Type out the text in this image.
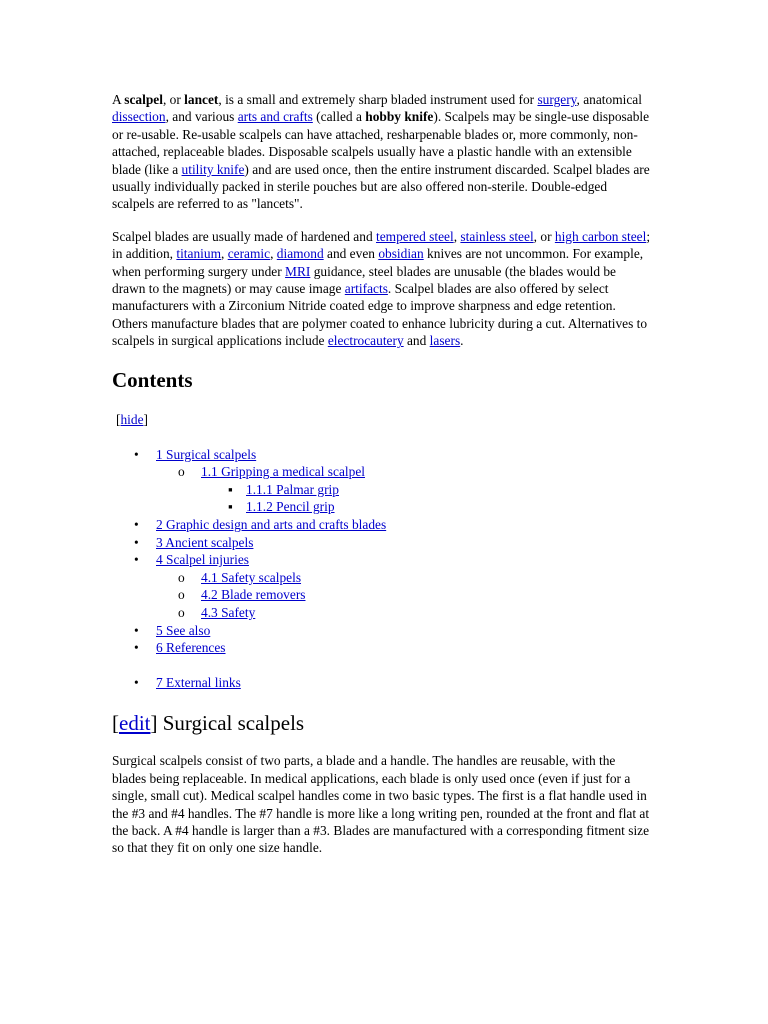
A scalpel, or lancet, is a small and extremely sharp bladed instrument used for surgery, anatomical dissection, and various arts and crafts (called a hobby knife). Scalpels may be single-use disposable or re-usable. Re-usable scalpels can have attached, resharpenable blades or, more commonly, non-attached, replaceable blades. Disposable scalpels usually have a plastic handle with an extensible blade (like a utility knife) and are used once, then the entire instrument discarded. Scalpel blades are usually individually packed in sterile pouches but are also offered non-sterile. Double-edged scalpels are referred to as "lancets".

Scalpel blades are usually made of hardened and tempered steel, stainless steel, or high carbon steel; in addition, titanium, ceramic, diamond and even obsidian knives are not uncommon. For example, when performing surgery under MRI guidance, steel blades are unusable (the blades would be drawn to the magnets) or may cause image artifacts. Scalpel blades are also offered by select manufacturers with a Zirconium Nitride coated edge to improve sharpness and edge retention. Others manufacture blades that are polymer coated to enhance lubricity during a cut. Alternatives to scalpels in surgical applications include electrocautery and lasers.

Contents
[hide]
• 1 Surgical scalpels
o 1.1 Gripping a medical scalpel
▪ 1.1.1 Palmar grip
▪ 1.1.2 Pencil grip
• 2 Graphic design and arts and crafts blades
• 3 Ancient scalpels
• 4 Scalpel injuries
o 4.1 Safety scalpels
o 4.2 Blade removers
o 4.3 Safety
• 5 See also
• 6 References
• 7 External links
[edit] Surgical scalpels

Surgical scalpels consist of two parts, a blade and a handle. The handles are reusable, with the blades being replaceable. In medical applications, each blade is only used once (even if just for a single, small cut). Medical scalpel handles come in two basic types. The first is a flat handle used in the #3 and #4 handles. The #7 handle is more like a long writing pen, rounded at the front and flat at the back. A #4 handle is larger than a #3. Blades are manufactured with a corresponding fitment size so that they fit on only one size handle.
